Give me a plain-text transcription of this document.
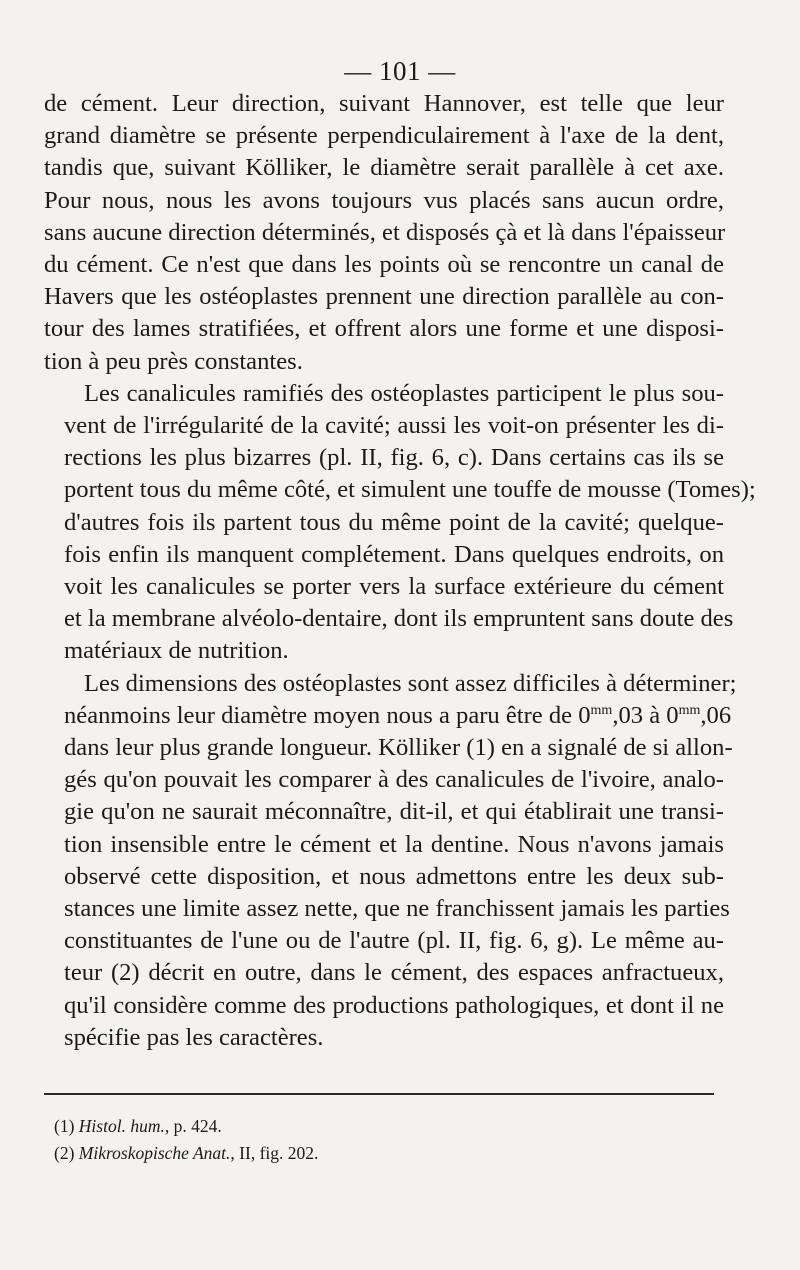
— 101 —
de cément. Leur direction, suivant Hannover, est telle que leur
grand diamètre se présente perpendiculairement à l'axe de la dent,
tandis que, suivant Kölliker, le diamètre serait parallèle à cet axe.
Pour nous, nous les avons toujours vus placés sans aucun ordre,
sans aucune direction déterminés, et disposés çà et là dans l'épaisseur
du cément. Ce n'est que dans les points où se rencontre un canal de
Havers que les ostéoplastes prennent une direction parallèle au con-
tour des lames stratifiées, et offrent alors une forme et une disposi-
tion à peu près constantes.
Les canalicules ramifiés des ostéoplastes participent le plus sou-
vent de l'irrégularité de la cavité; aussi les voit-on présenter les di-
rections les plus bizarres (pl. II, fig. 6, c). Dans certains cas ils se
portent tous du même côté, et simulent une touffe de mousse (Tomes);
d'autres fois ils partent tous du même point de la cavité; quelque-
fois enfin ils manquent complétement. Dans quelques endroits, on
voit les canalicules se porter vers la surface extérieure du cément
et la membrane alvéolo-dentaire, dont ils empruntent sans doute des
matériaux de nutrition.
Les dimensions des ostéoplastes sont assez difficiles à déterminer;
néanmoins leur diamètre moyen nous a paru être de $0^{mm},03$ à $0^{mm},06$
dans leur plus grande longueur. Kölliker (1) en a signalé de si allon-
gés qu'on pouvait les comparer à des canalicules de l'ivoire, analo-
gie qu'on ne saurait méconnaître, dit-il, et qui établirait une transi-
tion insensible entre le cément et la dentine. Nous n'avons jamais
observé cette disposition, et nous admettons entre les deux sub-
stances une limite assez nette, que ne franchissent jamais les parties
constituantes de l'une ou de l'autre (pl. II, fig. 6, g). Le même au-
teur (2) décrit en outre, dans le cément, des espaces anfractueux,
qu'il considère comme des productions pathologiques, et dont il ne
spécifie pas les caractères.
(1) Histol. hum., p. 424.
(2) Mikroskopische Anat., II, fig. 202.
